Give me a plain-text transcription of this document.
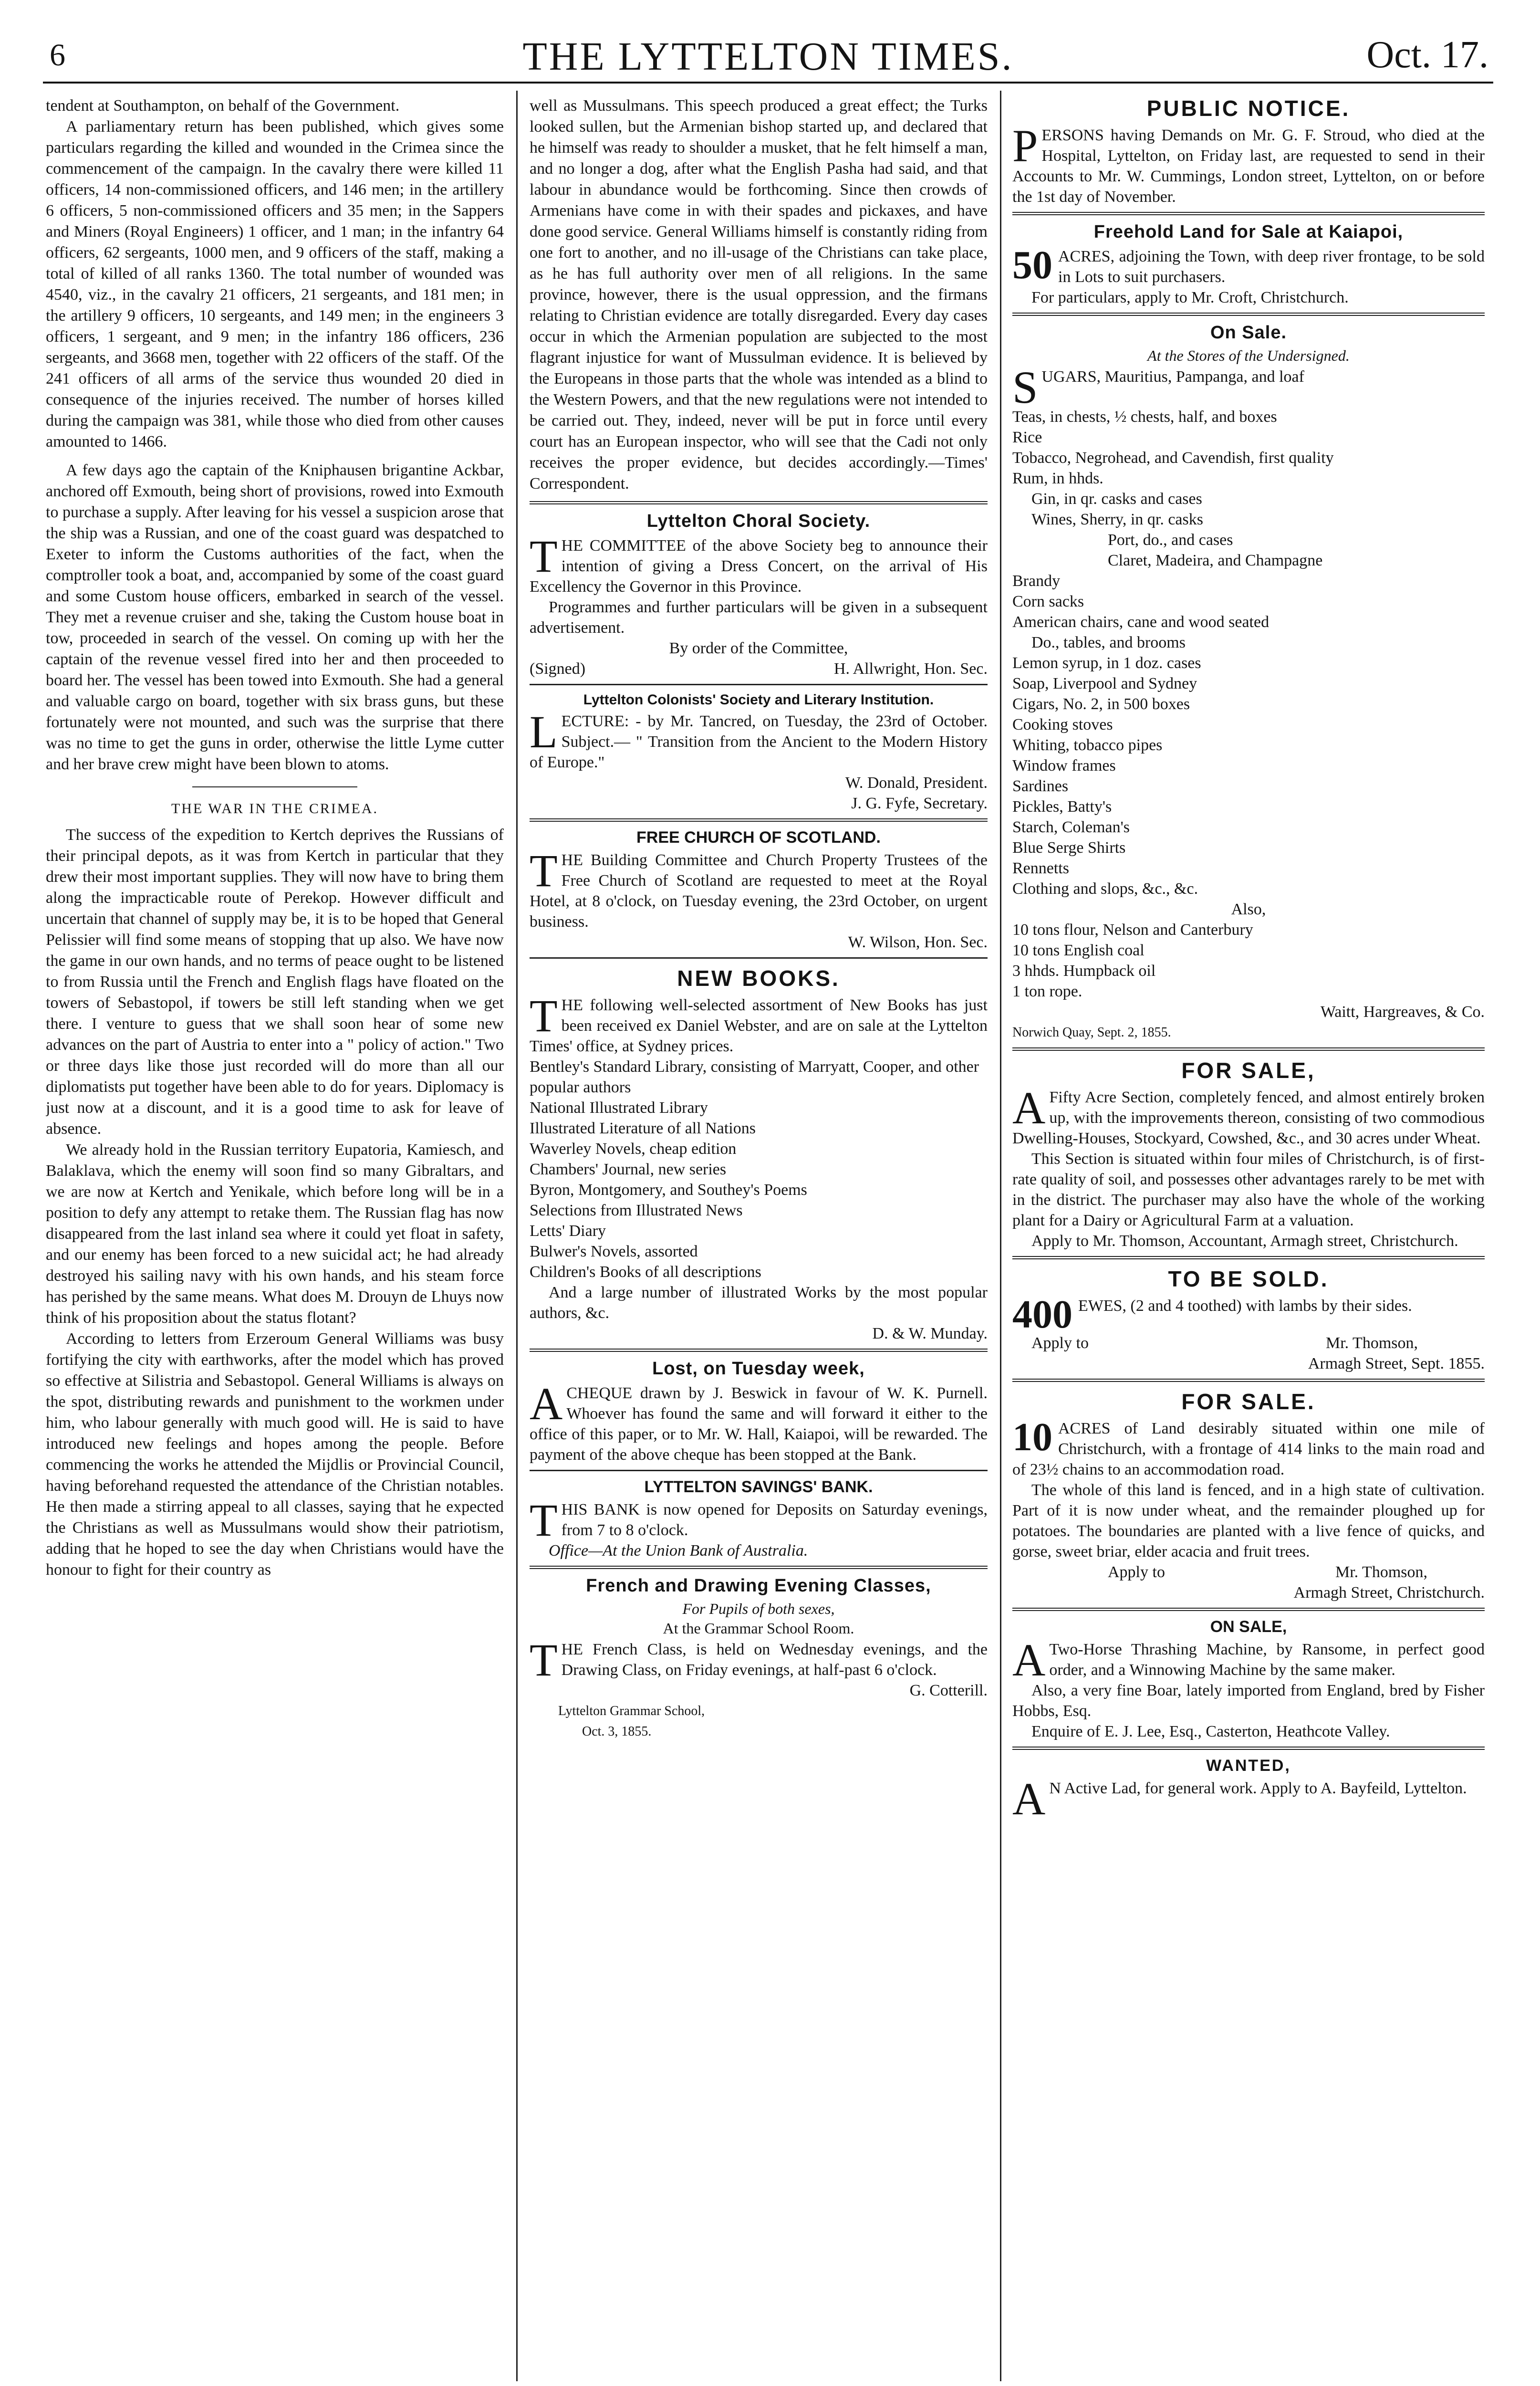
6	THE LYTTELTON TIMES.	Oct. 17.

tendent at Southampton, on behalf of the Government.

A parliamentary return has been published, which gives some particulars regarding the killed and wounded in the Crimea since the commencement of the campaign. In the cavalry there were killed 11 officers, 14 non-commissioned officers, and 146 men; in the artillery 6 officers, 5 non-commissioned officers and 35 men; in the Sappers and Miners (Royal Engineers) 1 officer, and 1 man; in the infantry 64 officers, 62 sergeants, 1000 men, and 9 officers of the staff, making a total of killed of all ranks 1360. The total number of wounded was 4540, viz., in the cavalry 21 officers, 21 sergeants, and 181 men; in the artillery 9 officers, 10 sergeants, and 149 men; in the engineers 3 officers, 1 sergeant, and 9 men; in the infantry 186 officers, 236 sergeants, and 3668 men, together with 22 officers of the staff. Of the 241 officers of all arms of the service thus wounded 20 died in consequence of the injuries received. The number of horses killed during the campaign was 381, while those who died from other causes amounted to 1466.

A few days ago the captain of the Kniphausen brigantine Ackbar, anchored off Exmouth, being short of provisions, rowed into Exmouth to purchase a supply. After leaving for his vessel a suspicion arose that the ship was a Russian, and one of the coast guard was despatched to Exeter to inform the Customs authorities of the fact, when the comptroller took a boat, and, accompanied by some of the coast guard and some Custom house officers, embarked in search of the vessel. They met a revenue cruiser and she, taking the Custom house boat in tow, proceeded in search of the vessel. On coming up with her the captain of the revenue vessel fired into her and then proceeded to board her. The vessel has been towed into Exmouth. She had a general and valuable cargo on board, together with six brass guns, but these fortunately were not mounted, and such was the surprise that there was no time to get the guns in order, otherwise the little Lyme cutter and her brave crew might have been blown to atoms.

THE WAR IN THE CRIMEA.

The success of the expedition to Kertch deprives the Russians of their principal depots, as it was from Kertch in particular that they drew their most important supplies. They will now have to bring them along the impracticable route of Perekop. However difficult and uncertain that channel of supply may be, it is to be hoped that General Pelissier will find some means of stopping that up also. We have now the game in our own hands, and no terms of peace ought to be listened to from Russia until the French and English flags have floated on the towers of Sebastopol, if towers be still left standing when we get there. I venture to guess that we shall soon hear of some new advances on the part of Austria to enter into a " policy of action." Two or three days like those just recorded will do more than all our diplomatists put together have been able to do for years. Diplomacy is just now at a discount, and it is a good time to ask for leave of absence.

We already hold in the Russian territory Eupatoria, Kamiesch, and Balaklava, which the enemy will soon find so many Gibraltars, and we are now at Kertch and Yenikale, which before long will be in a position to defy any attempt to retake them. The Russian flag has now disappeared from the last inland sea where it could yet float in safety, and our enemy has been forced to a new suicidal act; he had already destroyed his sailing navy with his own hands, and his steam force has perished by the same means. What does M. Drouyn de Lhuys now think of his proposition about the status flotant?

According to letters from Erzeroum General Williams was busy fortifying the city with earthworks, after the model which has proved so effective at Silistria and Sebastopol. General Williams is always on the spot, distributing rewards and punishment to the workmen under him, who labour generally with much good will. He is said to have introduced new feelings and hopes among the people. Before commencing the works he attended the Mijdlis or Provincial Council, having beforehand requested the attendance of the Christian notables. He then made a stirring appeal to all classes, saying that he expected the Christians as well as Mussulmans would show their patriotism, adding that he hoped to see the day when Christians would have the honour to fight for their country as

well as Mussulmans. This speech produced a great effect; the Turks looked sullen, but the Armenian bishop started up, and declared that he himself was ready to shoulder a musket, that he felt himself a man, and no longer a dog, after what the English Pasha had said, and that labour in abundance would be forthcoming. Since then crowds of Armenians have come in with their spades and pickaxes, and have done good service. General Williams himself is constantly riding from one fort to another, and no ill-usage of the Christians can take place, as he has full authority over men of all religions. In the same province, however, there is the usual oppression, and the firmans relating to Christian evidence are totally disregarded. Every day cases occur in which the Armenian population are subjected to the most flagrant injustice for want of Mussulman evidence. It is believed by the Europeans in those parts that the whole was intended as a blind to the Western Powers, and that the new regulations were not intended to be carried out. They, indeed, never will be put in force until every court has an European inspector, who will see that the Cadi not only receives the proper evidence, but decides accordingly.—Times' Correspondent.

Lyttelton Choral Society.

THE COMMITTEE of the above Society beg to announce their intention of giving a Dress Concert, on the arrival of His Excellency the Governor in this Province.

Programmes and further particulars will be given in a subsequent advertisement.

By order of the Committee,

(Signed)	H. Allwright, Hon. Sec.
Lyttelton Colonists' Society and Literary Institution.

LECTURE: - by Mr. Tancred, on Tuesday, the 23rd of October. Subject.— " Transition from the Ancient to the Modern History of Europe."

W. Donald, President.

J. G. Fyfe, Secretary.

FREE CHURCH OF SCOTLAND.

THE Building Committee and Church Property Trustees of the Free Church of Scotland are requested to meet at the Royal Hotel, at 8 o'clock, on Tuesday evening, the 23rd October, on urgent business.

W. Wilson, Hon. Sec.

NEW BOOKS.

THE following well-selected assortment of New Books has just been received ex Daniel Webster, and are on sale at the Lyttelton Times' office, at Sydney prices.

Bentley's Standard Library, consisting of Marryatt, Cooper, and other popular authors
National Illustrated Library
Illustrated Literature of all Nations
Waverley Novels, cheap edition
Chambers' Journal, new series
Byron, Montgomery, and Southey's Poems
Selections from Illustrated News
Letts' Diary
Bulwer's Novels, assorted
Children's Books of all descriptions

And a large number of illustrated Works by the most popular authors, &c.

D. & W. Munday.

Lost, on Tuesday week,

ACHEQUE drawn by J. Beswick in favour of W. K. Purnell. Whoever has found the same and will forward it either to the office of this paper, or to Mr. W. Hall, Kaiapoi, will be rewarded. The payment of the above cheque has been stopped at the Bank.

LYTTELTON SAVINGS' BANK.

THIS BANK is now opened for Deposits on Saturday evenings, from 7 to 8 o'clock.

Office—At the Union Bank of Australia.

French and Drawing Evening Classes,
For Pupils of both sexes,
At the Grammar School Room.

THE French Class, is held on Wednesday evenings, and the Drawing Class, on Friday evenings, at half-past 6 o'clock.

G. Cotterill.

Lyttelton Grammar School,

Oct. 3, 1855.

PUBLIC NOTICE.

PERSONS having Demands on Mr. G. F. Stroud, who died at the Hospital, Lyttelton, on Friday last, are requested to send in their Accounts to Mr. W. Cummings, London street, Lyttelton, on or before the 1st day of November.

Freehold Land for Sale at Kaiapoi,

50 ACRES, adjoining the Town, with deep river frontage, to be sold in Lots to suit purchasers.

For particulars, apply to Mr. Croft, Christchurch.

On Sale.
At the Stores of the Undersigned.

SUGARS, Mauritius, Pampanga, and loaf

Teas, in chests, ½ chests, half, and boxes
Rice
Tobacco, Negrohead, and Cavendish, first quality
Rum, in hhds.
Gin, in qr. casks and cases
Wines, Sherry, in qr. casks
Port, do., and cases
Claret, Madeira, and Champagne
Brandy
Corn sacks
American chairs, cane and wood seated
Do., tables, and brooms
Lemon syrup, in 1 doz. cases
Soap, Liverpool and Sydney
Cigars, No. 2, in 500 boxes
Cooking stoves
Whiting, tobacco pipes
Window frames
Sardines
Pickles, Batty's
Starch, Coleman's
Blue Serge Shirts
Rennetts
Clothing and slops, &c., &c.

Also,

10 tons flour, Nelson and Canterbury
10 tons English coal
3 hhds. Humpback oil
1 ton rope.

Waitt, Hargreaves, & Co.

Norwich Quay, Sept. 2, 1855.

FOR SALE,

A Fifty Acre Section, completely fenced, and almost entirely broken up, with the improvements thereon, consisting of two commodious Dwelling-Houses, Stockyard, Cowshed, &c., and 30 acres under Wheat.

This Section is situated within four miles of Christchurch, is of first-rate quality of soil, and possesses other advantages rarely to be met with in the district. The purchaser may also have the whole of the working plant for a Dairy or Agricultural Farm at a valuation.

Apply to Mr. Thomson, Accountant, Armagh street, Christchurch.

TO BE SOLD.

400 EWES, (2 and 4 toothed) with lambs by their sides.

Apply to	Mr. Thomson,

Armagh Street, Sept. 1855.

FOR SALE.

10 ACRES of Land desirably situated within one mile of Christchurch, with a frontage of 414 links to the main road and of 23½ chains to an accommodation road.

The whole of this land is fenced, and in a high state of cultivation. Part of it is now under wheat, and the remainder ploughed up for potatoes. The boundaries are planted with a live fence of quicks, and gorse, sweet briar, elder acacia and fruit trees.

Apply to	Mr. Thomson,

Armagh Street, Christchurch.

ON SALE,

A Two-Horse Thrashing Machine, by Ransome, in perfect good order, and a Winnowing Machine by the same maker.

Also, a very fine Boar, lately imported from England, bred by Fisher Hobbs, Esq.

Enquire of E. J. Lee, Esq., Casterton, Heathcote Valley.

WANTED,

A N Active Lad, for general work. Apply to A. Bayfeild, Lyttelton.
